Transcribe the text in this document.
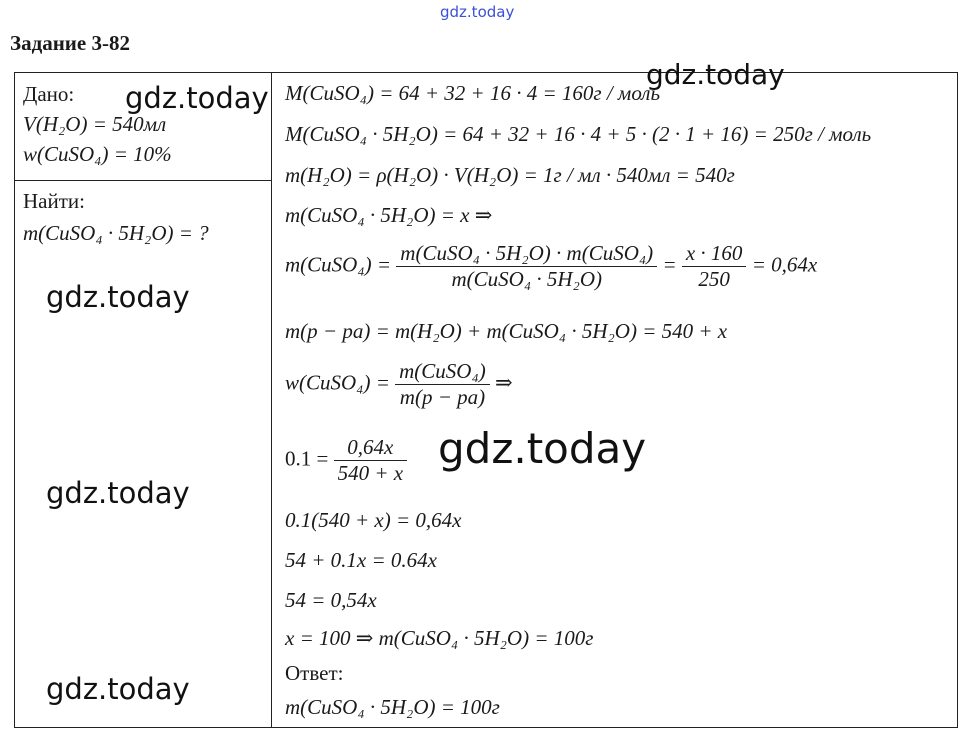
gdz.today
Задание 3-82
Дано:
V(H₂O) = 540мл
w(CuSO₄) = 10%
Найти:
m(CuSO₄ · 5H₂O) = ?
M(CuSO₄) = 64 + 32 + 16 · 4 = 160г / моль
M(CuSO₄ · 5H₂O) = 64 + 32 + 16 · 4 + 5 · (2 · 1 + 16) = 250г / моль
m(H₂O) = ρ(H₂O) · V(H₂O) = 1г / мл · 540мл = 540г
m(CuSO₄ · 5H₂O) = x ⇒
m(CuSO₄) = $\frac{\text{m(CuSO₄ · 5H₂O) · m(CuSO₄)}}{\text{m(CuSO₄ · 5H₂O)}} = \frac{x \cdot 160}{250} = 0,64x$
m(p − pa) = m(H₂O) + m(CuSO₄ · 5H₂O) = 540 + x
w(CuSO₄) = $\frac{\text{m(CuSO₄)}}{m(p - pa)}$ ⇒
$0.1 = \frac{0,64x}{540 + x}$
0.1(540 + x) = 0,64x
54 + 0.1x = 0.64x
54 = 0,54x
x = 100 ⇒ m(CuSO₄ · 5H₂O) = 100г
Ответ:
m(CuSO₄ · 5H₂O) = 100г
gdz.today
gdz.today
gdz.today
gdz.today
gdz.today
gdz.today
